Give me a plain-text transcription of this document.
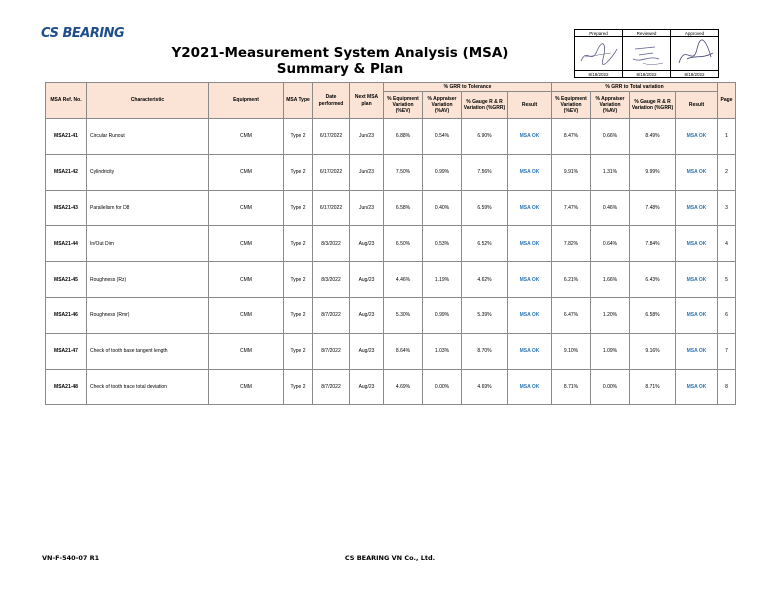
CS BEARING
Y2021-Measurement System Analysis (MSA) Summary & Plan
Prepared	Reviewed	Approved

8/18/2022	8/18/2022	8/18/2022
MSA Ref. No.	Characteristic	Equipment	MSA Type	Date performed	Next MSA plan	% GRR to Tolerance				% GRR to Total variation				Page
						% Equipment Variation (%EV)	% Appraiser Variation (%AV)	% Gauge R & R Variation (%GRR)	Result	% Equipment Variation (%EV)	% Appraiser Variation (%AV)	% Gauge R & R Variation (%GRR)	Result	
MSA21-41	Circular Runout	CMM	Type 2	6/17/2022	Jun/23	6.88%	0.54%	6.90%	MSA OK	8.47%	0.66%	8.49%	MSA OK	1
MSA21-42	Cylindricity	CMM	Type 2	6/17/2022	Jun/23	7.50%	0.99%	7.56%	MSA OK	9.91%	1.31%	9.99%	MSA OK	2
MSA21-43	Parallelism for D8	CMM	Type 2	6/17/2022	Jun/23	6.58%	0.40%	6.59%	MSA OK	7.47%	0.46%	7.48%	MSA OK	3
MSA21-44	In/Out Dim	CMM	Type 2	8/3/2022	Aug/23	6.50%	0.53%	6.52%	MSA OK	7.82%	0.64%	7.84%	MSA OK	4
MSA21-45	Roughness (Rz)	CMM	Type 2	8/3/2022	Aug/23	4.46%	1.19%	4.62%	MSA OK	6.21%	1.66%	6.43%	MSA OK	5
MSA21-46	Roughness (Rmr)	CMM	Type 2	8/7/2022	Aug/23	5.30%	0.99%	5.39%	MSA OK	6.47%	1.20%	6.58%	MSA OK	6
MSA21-47	Check of tooth base tangent length	CMM	Type 2	8/7/2022	Aug/23	8.64%	1.03%	8.70%	MSA OK	9.10%	1.09%	9.16%	MSA OK	7
MSA21-48	Check of tooth trace total deviation	CMM	Type 2	8/7/2022	Aug/23	4.69%	0.00%	4.69%	MSA OK	8.71%	0.00%	8.71%	MSA OK	8
VN-F-540-07 R1	CS BEARING VN Co., Ltd.
